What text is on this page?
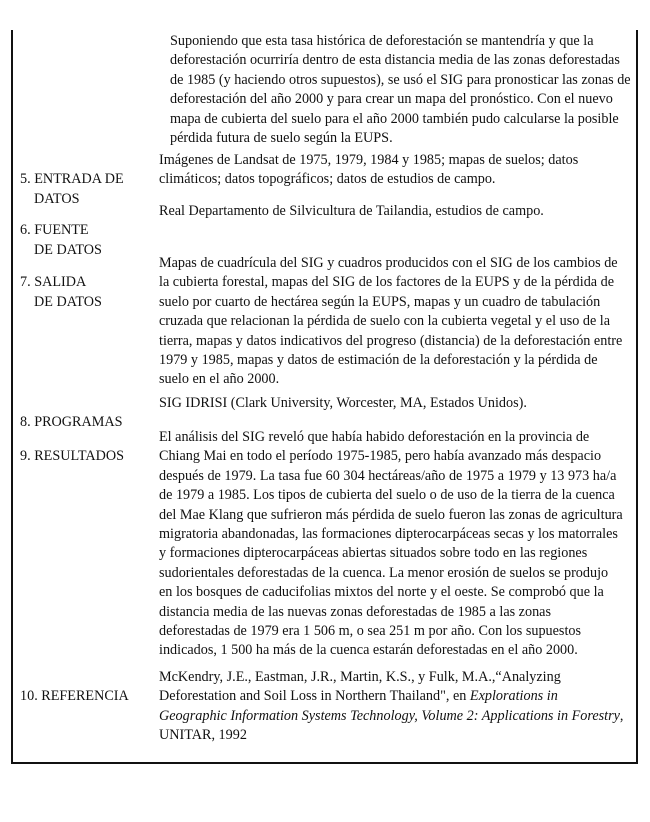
Suponiendo que esta tasa histórica de deforestación se mantendría y que la deforestación ocurriría dentro de esta distancia media de las zonas deforestadas de 1985 (y haciendo otros supuestos), se usó el SIG para pronosticar las zonas de deforestación del año 2000 y para crear un mapa del pronóstico. Con el nuevo mapa de cubierta del suelo para el año 2000 también pudo calcularse la posible pérdida futura de suelo según la EUPS.

5. ENTRADA DE

DATOS

Imágenes de Landsat de 1975, 1979, 1984 y 1985; mapas de suelos; datos climáticos; datos topográficos; datos de estudios de campo.

6. FUENTE

DE DATOS

Real Departamento de Silvicultura de Tailandia, estudios de campo.

7. SALIDA

DE DATOS

Mapas de cuadrícula del SIG y cuadros producidos con el SIG de los cambios de la cubierta forestal, mapas del SIG de los factores de la EUPS y de la pérdida de suelo por cuarto de hectárea según la EUPS, mapas y un cuadro de tabulación cruzada que relacionan la pérdida de suelo con la cubierta vegetal y el uso de la tierra, mapas y datos indicativos del progreso (distancia) de la deforestación entre 1979 y 1985, mapas y datos de estimación de la deforestación y la pérdida de suelo en el año 2000.

8. PROGRAMAS

SIG IDRISI (Clark University, Worcester, MA, Estados Unidos).

9. RESULTADOS

El análisis del SIG reveló que había habido deforestación en la provincia de Chiang Mai en todo el período 1975-1985, pero había avanzado más despacio después de 1979. La tasa fue 60 304 hectáreas/año de 1975 a 1979 y 13 973 ha/a de 1979 a 1985. Los tipos de cubierta del suelo o de uso de la tierra de la cuenca del Mae Klang que sufrieron más pérdida de suelo fueron las zonas de agricultura migratoria abandonadas, las formaciones dipterocarpáceas secas y los matorrales y formaciones dipterocarpáceas abiertas situados sobre todo en las regiones sudorientales deforestadas de la cuenca. La menor erosión de suelos se produjo en los bosques de caducifolias mixtos del norte y el oeste. Se comprobó que la distancia media de las nuevas zonas deforestadas de 1985 a las zonas deforestadas de 1979 era 1 506 m, o sea 251 m por año. Con los supuestos indicados, 1 500 ha más de la cuenca estarán deforestadas en el año 2000.

10. REFERENCIA

McKendry, J.E., Eastman, J.R., Martin, K.S., y Fulk, M.A.,“Analyzing Deforestation and Soil Loss in Northern Thailand", en Explorations in Geographic Information Systems Technology, Volume 2: Applications in Forestry, UNITAR, 1992
